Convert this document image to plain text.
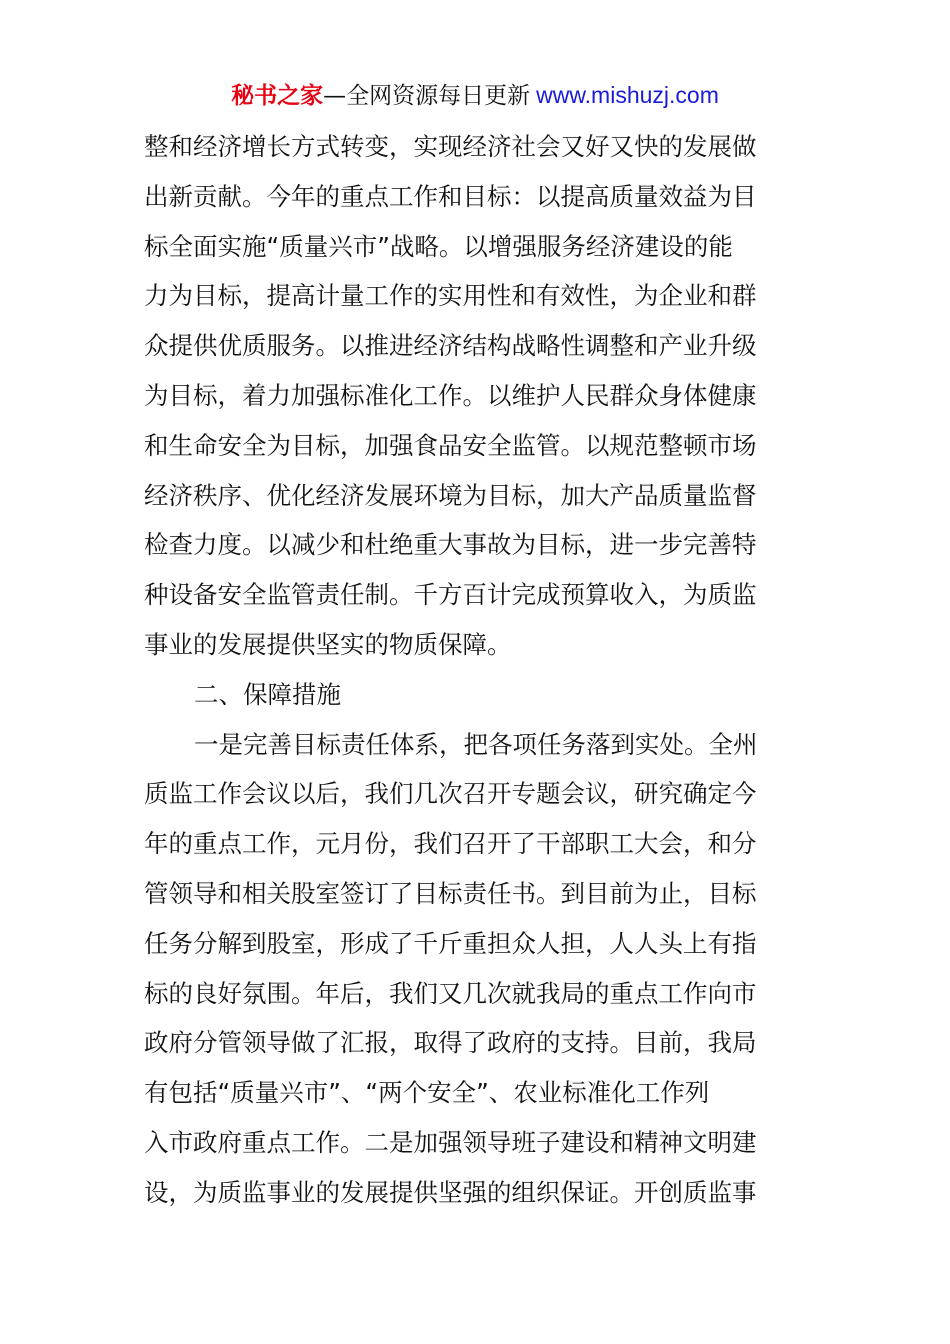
秘书之家—全网资源每日更新 www.mishuzj.com
整和经济增长方式转变，实现经济社会又好又快的发展做
出新贡献。今年的重点工作和目标：以提高质量效益为目
标全面实施“质量兴市”战略。以增强服务经济建设的能
力为目标，提高计量工作的实用性和有效性，为企业和群
众提供优质服务。以推进经济结构战略性调整和产业升级
为目标，着力加强标准化工作。以维护人民群众身体健康
和生命安全为目标，加强食品安全监管。以规范整顿市场
经济秩序、优化经济发展环境为目标，加大产品质量监督
检查力度。以减少和杜绝重大事故为目标，进一步完善特
种设备安全监管责任制。千方百计完成预算收入，为质监
事业的发展提供坚实的物质保障。
二、保障措施
一是完善目标责任体系，把各项任务落到实处。全州
质监工作会议以后，我们几次召开专题会议，研究确定今
年的重点工作，元月份，我们召开了干部职工大会，和分
管领导和相关股室签订了目标责任书。到目前为止，目标
任务分解到股室，形成了千斤重担众人担，人人头上有指
标的良好氛围。年后，我们又几次就我局的重点工作向市
政府分管领导做了汇报，取得了政府的支持。目前，我局
有包括“质量兴市”、“两个安全”、农业标准化工作列
入市政府重点工作。二是加强领导班子建设和精神文明建
设，为质监事业的发展提供坚强的组织保证。开创质监事
